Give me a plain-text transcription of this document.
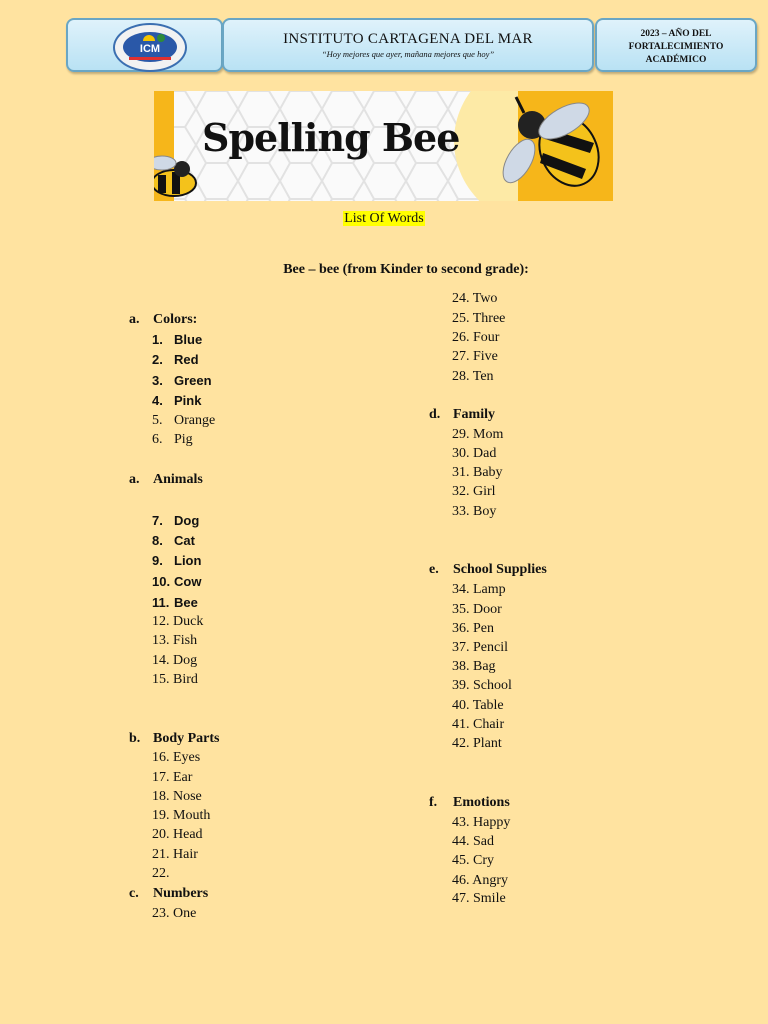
ICM
INSTITUTO CARTAGENA DEL MAR
“Hoy mejores que ayer, mañana mejores que hoy”
2023 – AÑO DEL
FORTALECIMIENTO
ACADÉMICO
Spelling Bee
List Of Words
Bee – bee (from Kinder to second grade):
a. Colors:
1. Blue
2. Red
3. Green
4. Pink
5. Orange
6. Pig
a. Animals
7. Dog
8. Cat
9. Lion
10. Cow
11. Bee
12. Duck
13. Fish
14. Dog
15. Bird
b. Body Parts
16. Eyes
17. Ear
18. Nose
19. Mouth
20. Head
21. Hair
22.
c. Numbers
23. One
24. Two
25. Three
26. Four
27. Five
28. Ten
d. Family
29. Mom
30. Dad
31. Baby
32. Girl
33. Boy
e. School Supplies
34. Lamp
35. Door
36. Pen
37. Pencil
38. Bag
39. School
40. Table
41. Chair
42. Plant
f. Emotions
43. Happy
44. Sad
45. Cry
46. Angry
47. Smile
